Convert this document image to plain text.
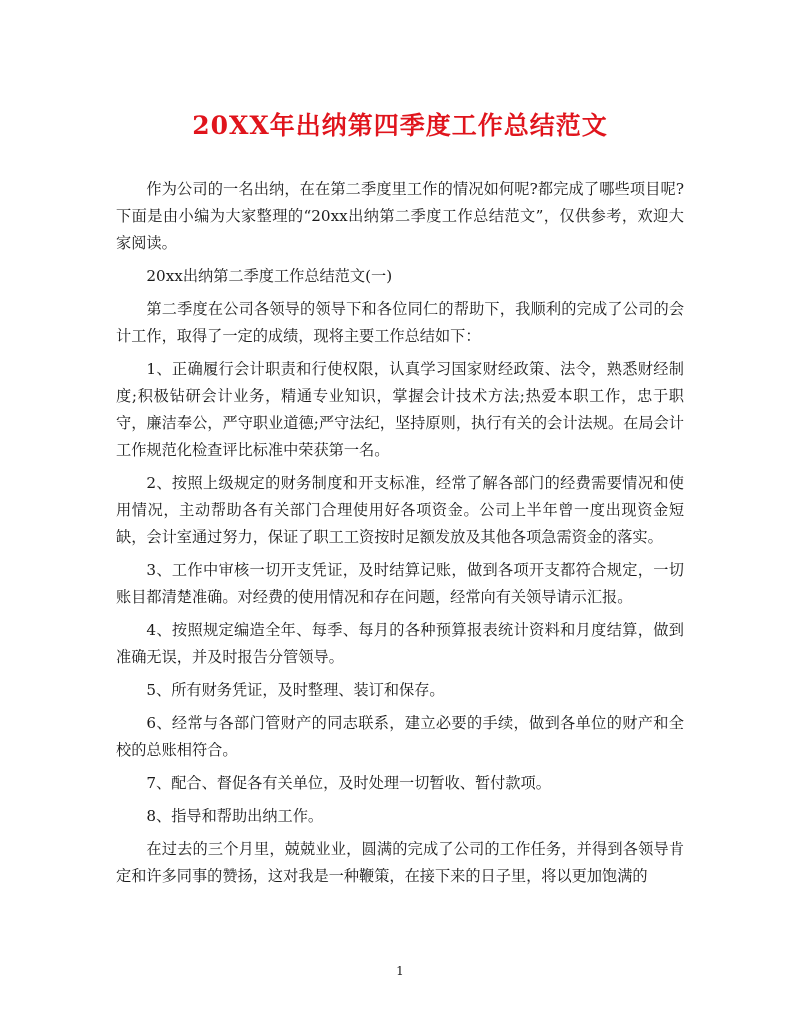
20XX年出纳第四季度工作总结范文

作为公司的一名出纳，在在第二季度里工作的情况如何呢?都完成了哪些项目呢?下面是由小编为大家整理的“20xx出纳第二季度工作总结范文”，仅供参考，欢迎大家阅读。

20xx出纳第二季度工作总结范文(一)

第二季度在公司各领导的领导下和各位同仁的帮助下，我顺利的完成了公司的会计工作，取得了一定的成绩，现将主要工作总结如下：

1、正确履行会计职责和行使权限，认真学习国家财经政策、法令，熟悉财经制度;积极钻研会计业务，精通专业知识，掌握会计技术方法;热爱本职工作，忠于职守，廉洁奉公，严守职业道德;严守法纪，坚持原则，执行有关的会计法规。在局会计工作规范化检查评比标准中荣获第一名。

2、按照上级规定的财务制度和开支标准，经常了解各部门的经费需要情况和使用情况，主动帮助各有关部门合理使用好各项资金。公司上半年曾一度出现资金短缺，会计室通过努力，保证了职工工资按时足额发放及其他各项急需资金的落实。

3、工作中审核一切开支凭证，及时结算记账，做到各项开支都符合规定，一切账目都清楚准确。对经费的使用情况和存在问题，经常向有关领导请示汇报。

4、按照规定编造全年、每季、每月的各种预算报表统计资料和月度结算，做到准确无误，并及时报告分管领导。

5、所有财务凭证，及时整理、装订和保存。

6、经常与各部门管财产的同志联系，建立必要的手续，做到各单位的财产和全校的总账相符合。

7、配合、督促各有关单位，及时处理一切暂收、暂付款项。

8、指导和帮助出纳工作。

在过去的三个月里，兢兢业业，圆满的完成了公司的工作任务，并得到各领导肯定和许多同事的赞扬，这对我是一种鞭策，在接下来的日子里，将以更加饱满的

1
